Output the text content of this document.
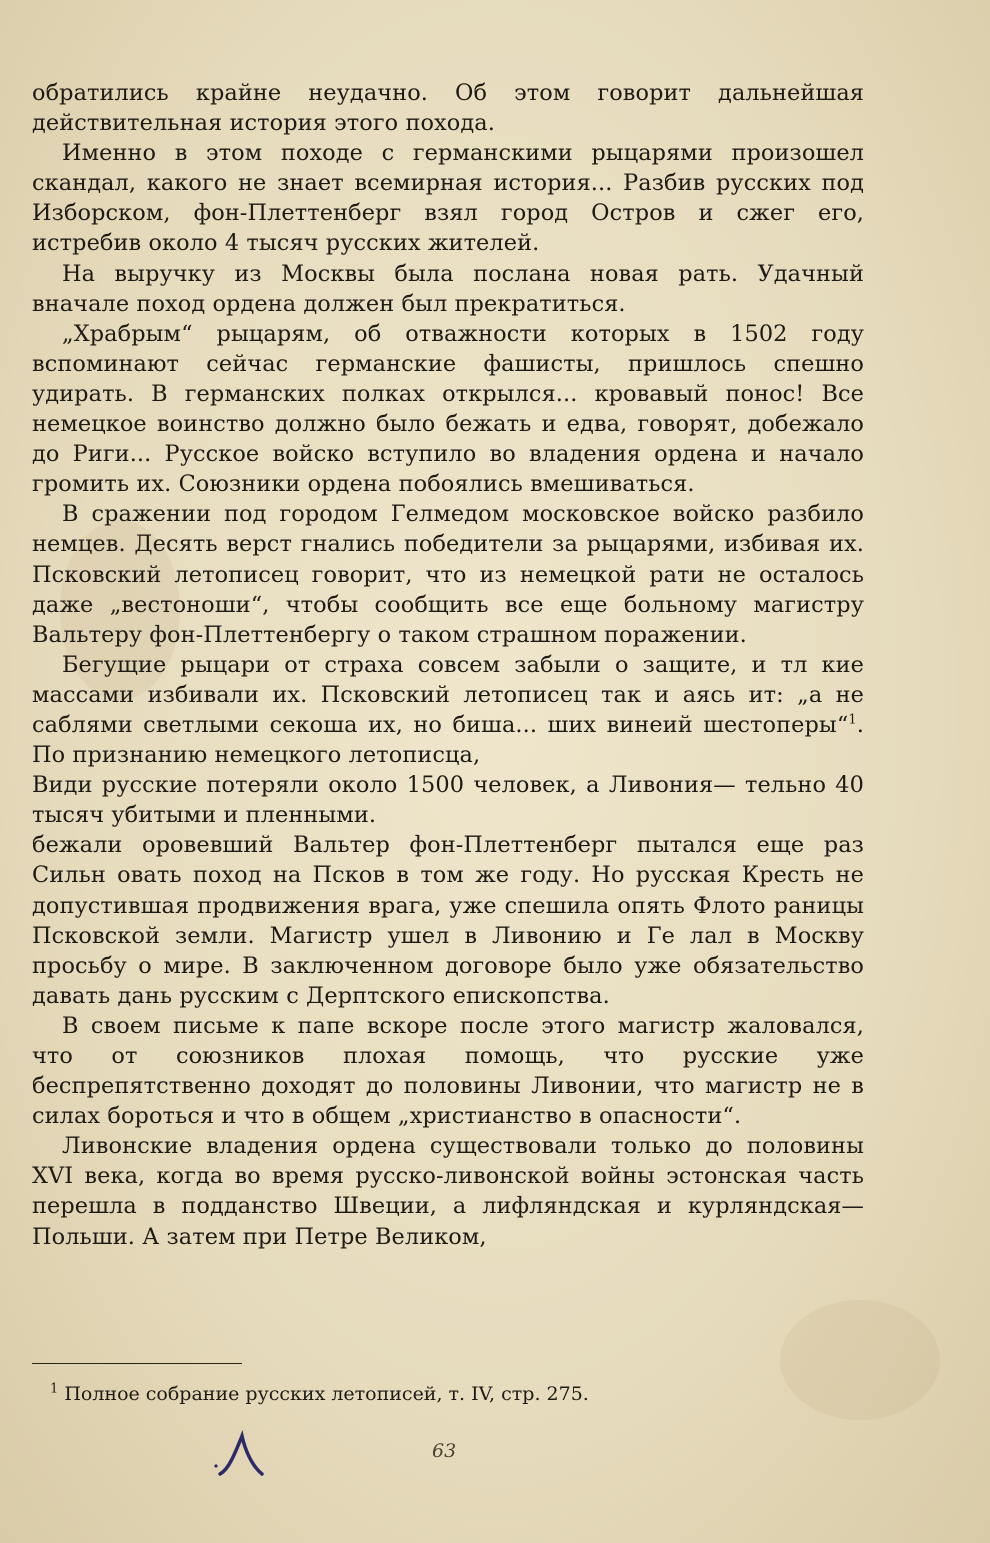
обратились крайне неудачно. Об этом говорит дальнейшая действительная история этого похода.

Именно в этом походе с германскими рыцарями произошел скандал, какого не знает всемирная история... Разбив русских под Изборском, фон-Плеттенберг взял город Остров и сжег его, истребив около 4 тысяч русских жителей.

На выручку из Москвы была послана новая рать. Удачный вначале поход ордена должен был прекратиться.

„Храбрым“ рыцарям, об отважности которых в 1502 году вспоминают сейчас германские фашисты, пришлось спешно удирать. В германских полках открылся... кровавый понос! Все немецкое воинство должно было бежать и едва, говорят, добежало до Риги... Русское войско вступило во владения ордена и начало громить их. Союзники ордена побоялись вмешиваться.

В сражении под городом Гелмедом московское войско разбило немцев. Десять верст гнались победители за рыцарями, избивая их. Псковский летописец говорит, что из немецкой рати не осталось даже „вестоноши“, чтобы сообщить все еще больному магистру Вальтеру фон-Плеттенбергу о таком страшном поражении.

Бегущие рыцари от страха совсем забыли о защите, и тл кие массами избивали их. Псковский летописец так и аясь ит: „а не саблями светлыми секоша их, но биша... ших винеий шестоперы“$^1$. По признанию немецкого летописца,

Види русские потеряли около 1500 человек, а Ливония— тельно 40 тысяч убитыми и пленными.

бежали оровевший Вальтер фон-Плеттенберг пытался еще раз Сильн овать поход на Псков в том же году. Но русская Кресть не допустившая продвижения врага, уже спешила опять Флото раницы Псковской земли. Магистр ушел в Ливонию и Ге лал в Москву просьбу о мире. В заключенном договоре было уже обязательство давать дань русским с Дерптского епископства.

В своем письме к папе вскоре после этого магистр жаловался, что от союзников плохая помощь, что русские уже беспрепятственно доходят до половины Ливонии, что магистр не в силах бороться и что в общем „христианство в опасности“.

Ливонские владения ордена существовали только до половины XVI века, когда во время русско-ливонской войны эстонская часть перешла в подданство Швеции, а лифляндская и курляндская—Польши. А затем при Петре Великом,

$^1$ Полное собрание русских летописей, т. IV, стр. 275.
63
